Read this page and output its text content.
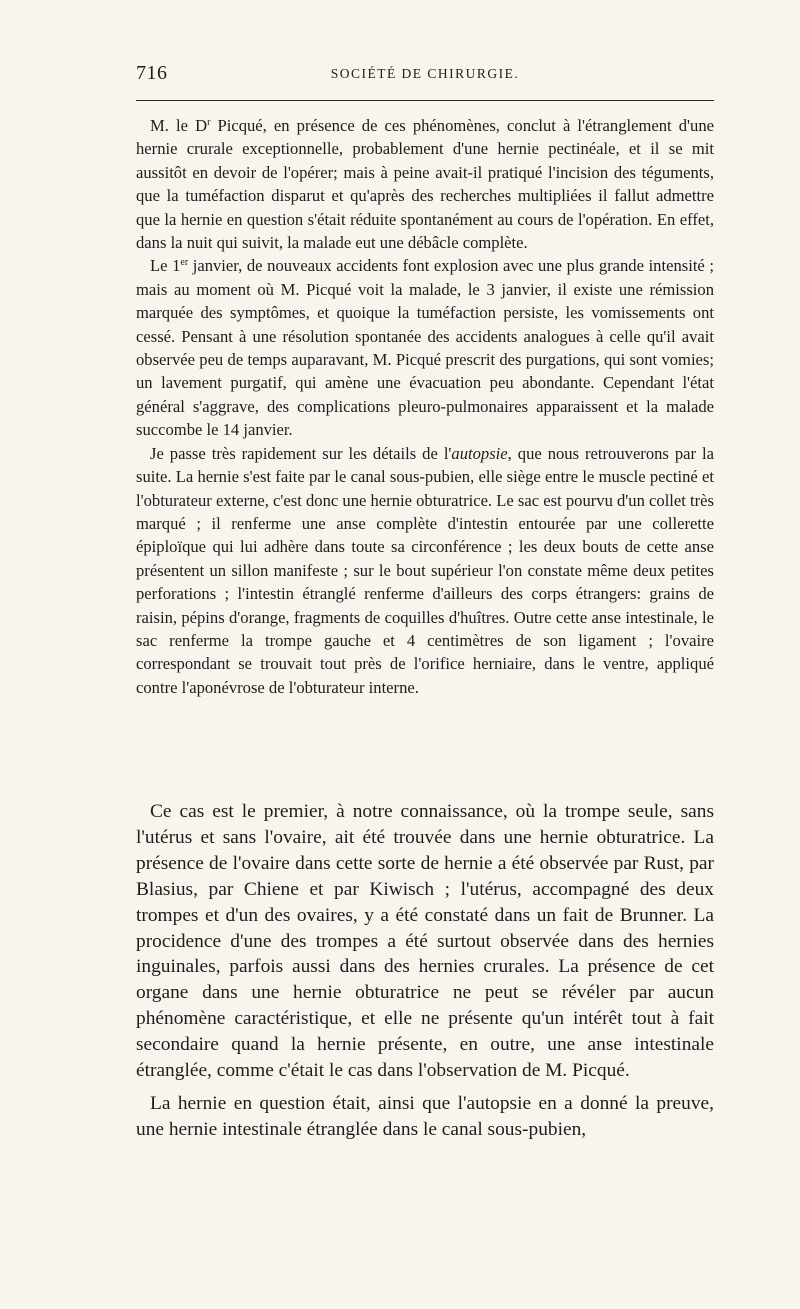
716	SOCIÉTÉ DE CHIRURGIE.

M. le $D^r$ Picqué, en présence de ces phénomènes, conclut à l'étranglement d'une hernie crurale exceptionnelle, probablement d'une hernie pectinéale, et il se mit aussitôt en devoir de l'opérer; mais à peine avait-il pratiqué l'incision des téguments, que la tuméfaction disparut et qu'après des recherches multipliées il fallut admettre que la hernie en question s'était réduite spontanément au cours de l'opération. En effet, dans la nuit qui suivit, la malade eut une débâcle complète.

Le 1er janvier, de nouveaux accidents font explosion avec une plus grande intensité ; mais au moment où M. Picqué voit la malade, le 3 janvier, il existe une rémission marquée des symptômes, et quoique la tuméfaction persiste, les vomissements ont cessé. Pensant à une résolution spontanée des accidents analogues à celle qu'il avait observée peu de temps auparavant, M. Picqué prescrit des purgations, qui sont vomies; un lavement purgatif, qui amène une évacuation peu abondante. Cependant l'état général s'aggrave, des complications pleuro-pulmonaires apparaissent et la malade succombe le 14 janvier.

Je passe très rapidement sur les détails de l'autopsie, que nous retrouverons par la suite. La hernie s'est faite par le canal sous-pubien, elle siège entre le muscle pectiné et l'obturateur externe, c'est donc une hernie obturatrice. Le sac est pourvu d'un collet très marqué ; il renferme une anse complète d'intestin entourée par une collerette épiploïque qui lui adhère dans toute sa circonférence ; les deux bouts de cette anse présentent un sillon manifeste ; sur le bout supérieur l'on constate même deux petites perforations ; l'intestin étranglé renferme d'ailleurs des corps étrangers: grains de raisin, pépins d'orange, fragments de coquilles d'huîtres. Outre cette anse intestinale, le sac renferme la trompe gauche et 4 centimètres de son ligament ; l'ovaire correspondant se trouvait tout près de l'orifice herniaire, dans le ventre, appliqué contre l'aponévrose de l'obturateur interne.

Ce cas est le premier, à notre connaissance, où la trompe seule, sans l'utérus et sans l'ovaire, ait été trouvée dans une hernie obturatrice. La présence de l'ovaire dans cette sorte de hernie a été observée par Rust, par Blasius, par Chiene et par Kiwisch ; l'utérus, accompagné des deux trompes et d'un des ovaires, y a été constaté dans un fait de Brunner. La procidence d'une des trompes a été surtout observée dans des hernies inguinales, parfois aussi dans des hernies crurales. La présence de cet organe dans une hernie obturatrice ne peut se révéler par aucun phénomène caractéristique, et elle ne présente qu'un intérêt tout à fait secondaire quand la hernie présente, en outre, une anse intestinale étranglée, comme c'était le cas dans l'observation de M. Picqué.

La hernie en question était, ainsi que l'autopsie en a donné la preuve, une hernie intestinale étranglée dans le canal sous-pubien,
